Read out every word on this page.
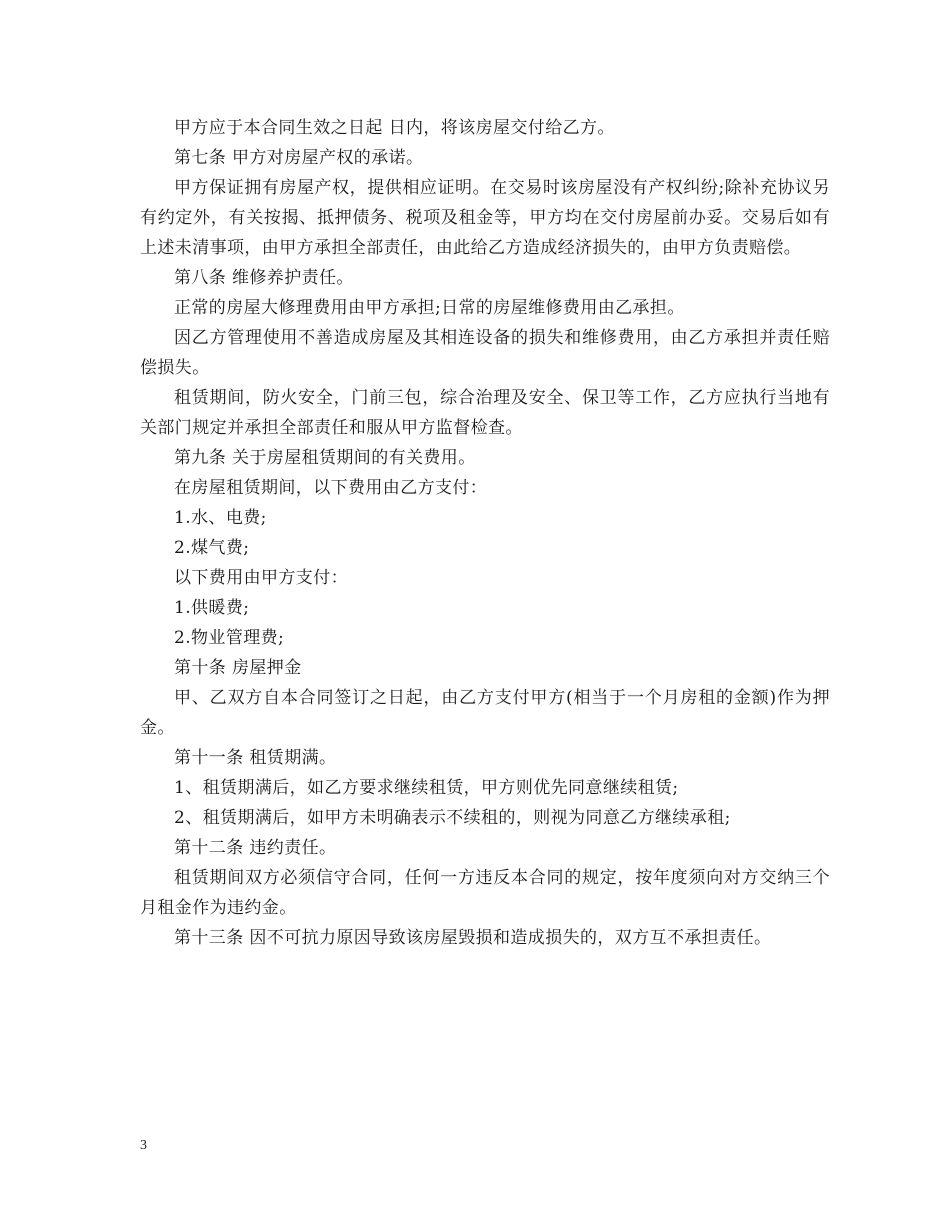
甲方应于本合同生效之日起 日内，将该房屋交付给乙方。

第七条 甲方对房屋产权的承诺。

甲方保证拥有房屋产权，提供相应证明。在交易时该房屋没有产权纠纷;除补充协议另有约定外，有关按揭、抵押债务、税项及租金等，甲方均在交付房屋前办妥。交易后如有上述未清事项，由甲方承担全部责任，由此给乙方造成经济损失的，由甲方负责赔偿。

第八条 维修养护责任。

正常的房屋大修理费用由甲方承担;日常的房屋维修费用由乙承担。

因乙方管理使用不善造成房屋及其相连设备的损失和维修费用，由乙方承担并责任赔偿损失。

租赁期间，防火安全，门前三包，综合治理及安全、保卫等工作，乙方应执行当地有关部门规定并承担全部责任和服从甲方监督检查。

第九条 关于房屋租赁期间的有关费用。

在房屋租赁期间，以下费用由乙方支付：

1.水、电费;

2.煤气费;

以下费用由甲方支付：

1.供暖费;

2.物业管理费;

第十条 房屋押金

甲、乙双方自本合同签订之日起，由乙方支付甲方(相当于一个月房租的金额)作为押金。

第十一条 租赁期满。

1、租赁期满后，如乙方要求继续租赁，甲方则优先同意继续租赁;

2、租赁期满后，如甲方未明确表示不续租的，则视为同意乙方继续承租;

第十二条 违约责任。

租赁期间双方必须信守合同，任何一方违反本合同的规定，按年度须向对方交纳三个月租金作为违约金。

第十三条 因不可抗力原因导致该房屋毁损和造成损失的，双方互不承担责任。

3
